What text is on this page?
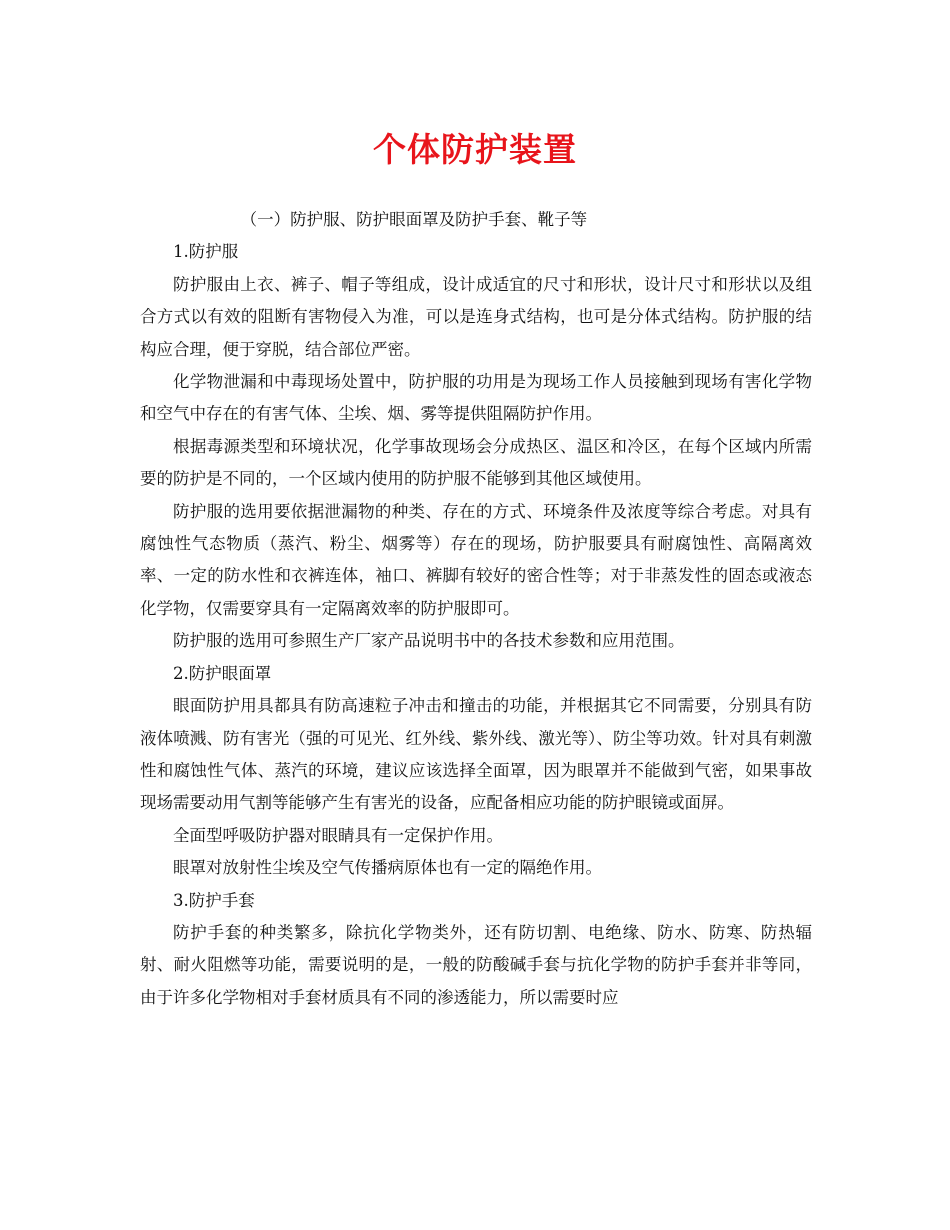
个体防护装置

（一）防护服、防护眼面罩及防护手套、靴子等

1.防护服

防护服由上衣、裤子、帽子等组成，设计成适宜的尺寸和形状，设计尺寸和形状以及组合方式以有效的阻断有害物侵入为准，可以是连身式结构，也可是分体式结构。防护服的结构应合理，便于穿脱，结合部位严密。

化学物泄漏和中毒现场处置中，防护服的功用是为现场工作人员接触到现场有害化学物和空气中存在的有害气体、尘埃、烟、雾等提供阻隔防护作用。

根据毒源类型和环境状况，化学事故现场会分成热区、温区和冷区，在每个区域内所需要的防护是不同的，一个区域内使用的防护服不能够到其他区域使用。

防护服的选用要依据泄漏物的种类、存在的方式、环境条件及浓度等综合考虑。对具有腐蚀性气态物质（蒸汽、粉尘、烟雾等）存在的现场，防护服要具有耐腐蚀性、高隔离效率、一定的防水性和衣裤连体，袖口、裤脚有较好的密合性等；对于非蒸发性的固态或液态化学物，仅需要穿具有一定隔离效率的防护服即可。

防护服的选用可参照生产厂家产品说明书中的各技术参数和应用范围。

2.防护眼面罩

眼面防护用具都具有防高速粒子冲击和撞击的功能，并根据其它不同需要，分别具有防液体喷溅、防有害光（强的可见光、红外线、紫外线、激光等）、防尘等功效。针对具有刺激性和腐蚀性气体、蒸汽的环境，建议应该选择全面罩，因为眼罩并不能做到气密，如果事故现场需要动用气割等能够产生有害光的设备，应配备相应功能的防护眼镜或面屏。

全面型呼吸防护器对眼睛具有一定保护作用。

眼罩对放射性尘埃及空气传播病原体也有一定的隔绝作用。

3.防护手套

防护手套的种类繁多，除抗化学物类外，还有防切割、电绝缘、防水、防寒、防热辐射、耐火阻燃等功能，需要说明的是，一般的防酸碱手套与抗化学物的防护手套并非等同，由于许多化学物相对手套材质具有不同的渗透能力，所以需要时应
